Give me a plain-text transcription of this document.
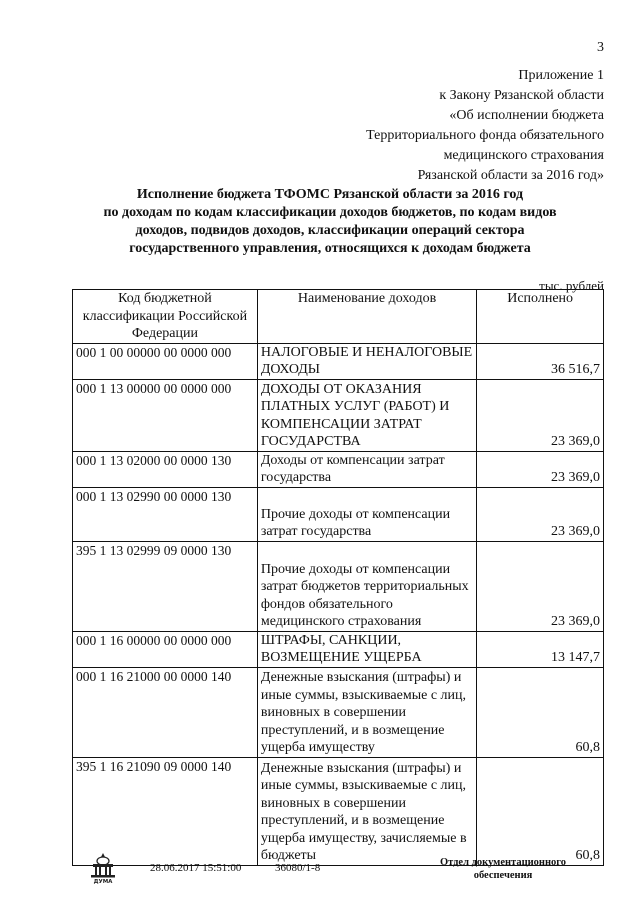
3
Приложение 1
к Закону Рязанской области
«Об исполнении бюджета
Территориального фонда обязательного
медицинского страхования
Рязанской области за 2016 год»
Исполнение бюджета ТФОМС Рязанской области за 2016 год
по доходам по кодам классификации доходов бюджетов, по кодам видов
доходов, подвидов доходов, классификации операций сектора
государственного управления, относящихся к доходам бюджета
тыс. рублей
Код бюджетной классификации Российской Федерации	Наименование доходов	Исполнено
000 1 00 00000 00 0000 000	НАЛОГОВЫЕ И НЕНАЛОГОВЫЕ ДОХОДЫ	36 516,7
000 1 13 00000 00 0000 000	ДОХОДЫ ОТ ОКАЗАНИЯ ПЛАТНЫХ УСЛУГ (РАБОТ) И КОМПЕНСАЦИИ ЗАТРАТ ГОСУДАРСТВА	23 369,0
000 1 13 02000 00 0000 130	Доходы от компенсации затрат государства	23 369,0
000 1 13 02990 00 0000 130	Прочие доходы от компенсации затрат государства	23 369,0
395 1 13 02999 09 0000 130	Прочие доходы от компенсации затрат бюджетов территориальных фондов обязательного медицинского страхования	23 369,0
000 1 16 00000 00 0000 000	ШТРАФЫ, САНКЦИИ, ВОЗМЕЩЕНИЕ УЩЕРБА	13 147,7
000 1 16 21000 00 0000 140	Денежные взыскания (штрафы) и иные суммы, взыскиваемые с лиц, виновных в совершении преступлений, и в возмещение ущерба имуществу	60,8
395 1 16 21090 09 0000 140	Денежные взыскания (штрафы) и иные суммы, взыскиваемые с лиц, виновных в совершении преступлений, и в возмещение ущерба имуществу, зачисляемые в бюджеты	60,8
ДУМА
28.06.2017 15:51:00	36080/1-8	Отдел документационного обеспечения
